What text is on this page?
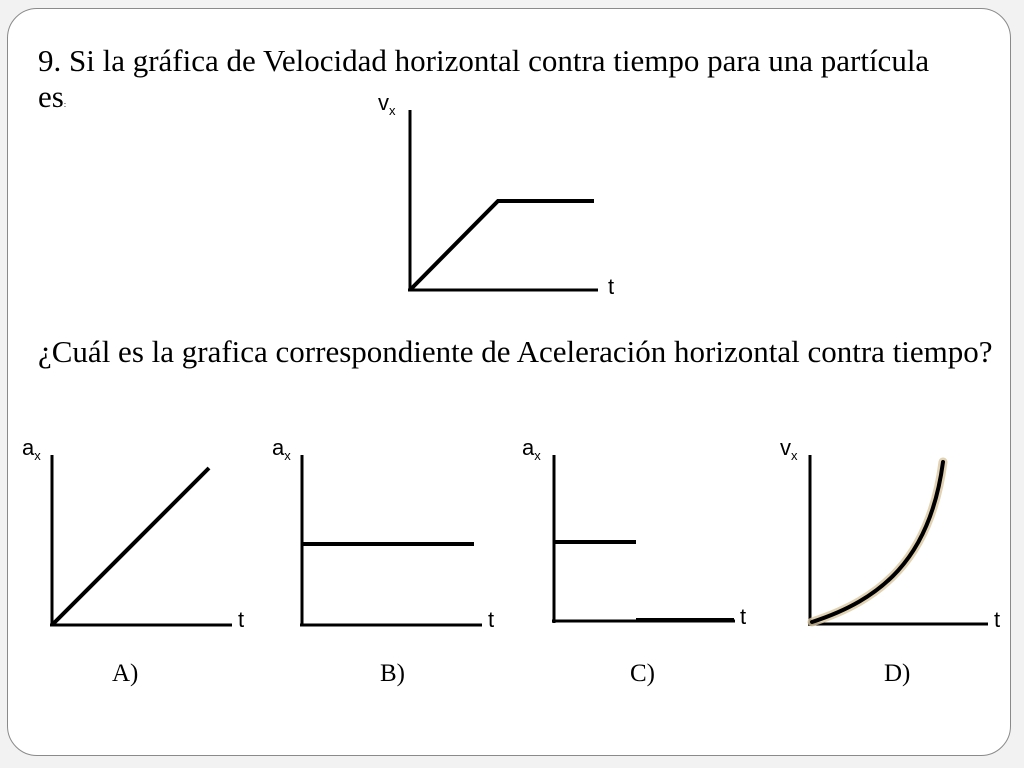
9. Si la gráfica de Velocidad horizontal contra tiempo para una partícula es:

¿Cuál es la grafica correspondiente de Aceleración horizontal contra tiempo?

$v_x$
t
$a_x$
t
$a_x$
t
$a_x$
t
$v_x$
t
A)	B)	C)	D)
